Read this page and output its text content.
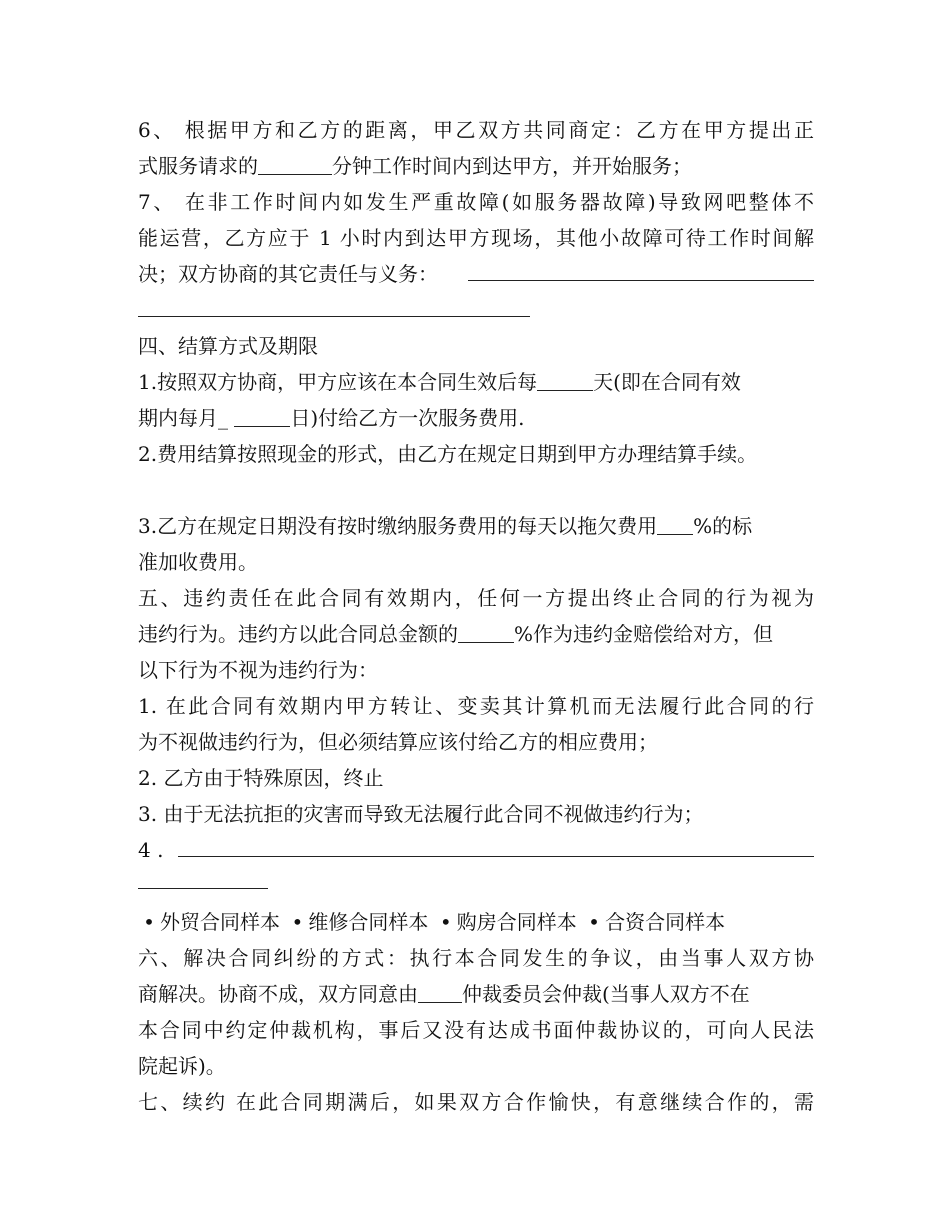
6、 根据甲方和乙方的距离，甲乙双方共同商定：乙方在甲方提出正
式服务请求的	分钟工作时间内到达甲方，并开始服务；
7、 在非工作时间内如发生严重故障(如服务器故障)导致网吧整体不
能运营，乙方应于 1 小时内到达甲方现场，其他小故障可待工作时间解
决；双方协商的其它责任与义务：
四、结算方式及期限
1.按照双方协商，甲方应该在本合同生效后每	天(即在合同有效
期内每月_	日)付给乙方一次服务费用.
2.费用结算按照现金的形式，由乙方在规定日期到甲方办理结算手续。
3.乙方在规定日期没有按时缴纳服务费用的每天以拖欠费用 %的标
准加收费用。
五、违约责任在此合同有效期内，任何一方提出终止合同的行为视为
违约行为。违约方以此合同总金额的	%作为违约金赔偿给对方，但
以下行为不视为违约行为：
1. 在此合同有效期内甲方转让、变卖其计算机而无法履行此合同的行
为不视做违约行为，但必须结算应该付给乙方的相应费用；
2. 乙方由于特殊原因，终止
3. 由于无法抗拒的灾害而导致无法履行此合同不视做违约行为；
4 .
• 外贸合同样本 • 维修合同样本 • 购房合同样本 • 合资合同样本
六、解决合同纠纷的方式：执行本合同发生的争议，由当事人双方协
商解决。协商不成，双方同意由 仲裁委员会仲裁(当事人双方不在
本合同中约定仲裁机构，事后又没有达成书面仲裁协议的，可向人民法
院起诉)。
七、续约 在此合同期满后，如果双方合作愉快，有意继续合作的，需
